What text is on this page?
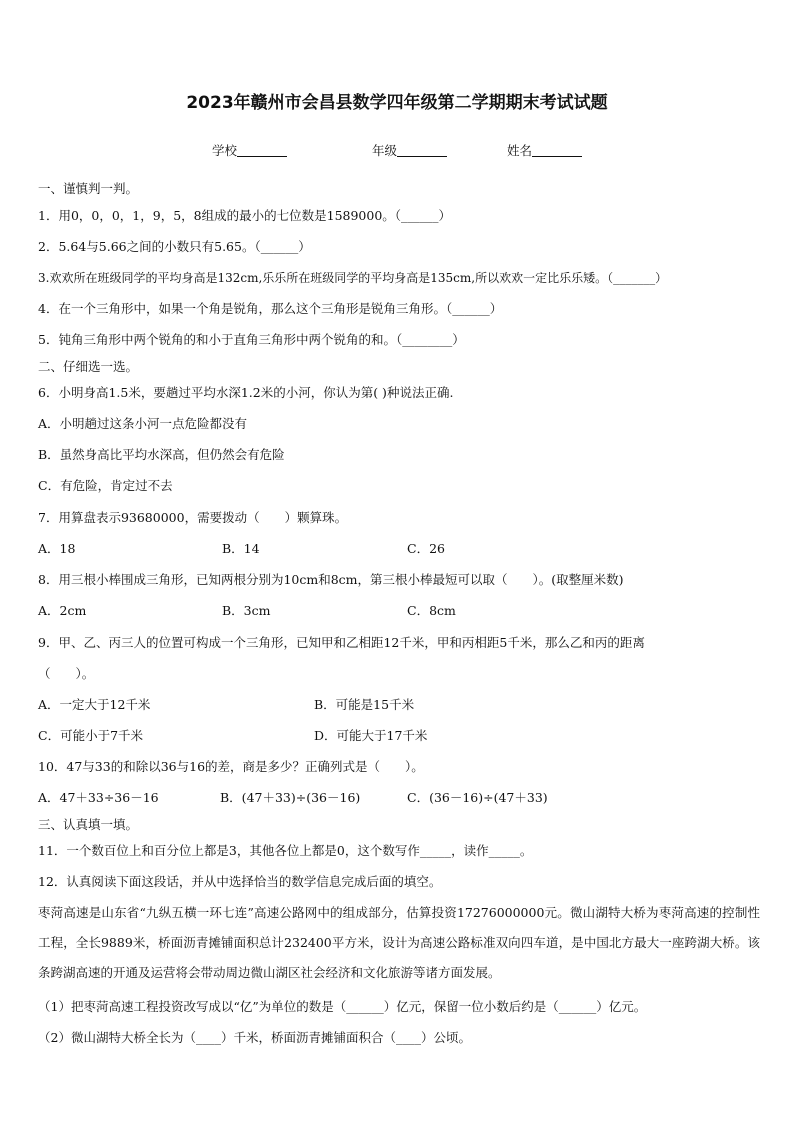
2023年赣州市会昌县数学四年级第二学期期末考试试题
学校	年级	姓名
一、谨慎判一判。
1．用0，0，0，1，9，5，8组成的最小的七位数是1589000。（______）
2．5.64与5.66之间的小数只有5.65。（______）
3.欢欢所在班级同学的平均身高是132cm,乐乐所在班级同学的平均身高是135cm,所以欢欢一定比乐乐矮。（_______）
4．在一个三角形中，如果一个角是锐角，那么这个三角形是锐角三角形。（______）
5．钝角三角形中两个锐角的和小于直角三角形中两个锐角的和。（________）
二、仔细选一选。
6．小明身高1.5米，要趟过平均水深1.2米的小河，你认为第( )种说法正确.
A．小明趟过这条小河一点危险都没有
B．虽然身高比平均水深高，但仍然会有危险
C．有危险，肯定过不去
7．用算盘表示93680000，需要拨动（　　）颗算珠。
A．18	B．14	C．26
8．用三根小棒围成三角形，已知两根分别为10cm和8cm，第三根小棒最短可以取（　　）。(取整厘米数)
A．2cm	B．3cm	C．8cm
9．甲、乙、丙三人的位置可构成一个三角形，已知甲和乙相距12千米，甲和丙相距5千米，那么乙和丙的距离
（　　）。
A．一定大于12千米	B．可能是15千米
C．可能小于7千米	D．可能大于17千米
10．47与33的和除以36与16的差，商是多少？正确列式是（　　）。
A．47＋33÷36－16	B．(47＋33)÷(36－16)	C．(36－16)÷(47＋33)
三、认真填一填。
11．一个数百位上和百分位上都是3，其他各位上都是0，这个数写作_____，读作_____。
12．认真阅读下面这段话，并从中选择恰当的数学信息完成后面的填空。
枣菏高速是山东省“九纵五横一环七连”高速公路网中的组成部分，估算投资17276000000元。微山湖特大桥为枣菏高速的控制性工程，全长9889米，桥面沥青摊铺面积总计232400平方米，设计为高速公路标准双向四车道，是中国北方最大一座跨湖大桥。该条跨湖高速的开通及运营将会带动周边微山湖区社会经济和文化旅游等诸方面发展。
（1）把枣菏高速工程投资改写成以“亿”为单位的数是（______）亿元，保留一位小数后约是（______）亿元。
（2）微山湖特大桥全长为（____）千米，桥面沥青摊铺面积合（____）公顷。
